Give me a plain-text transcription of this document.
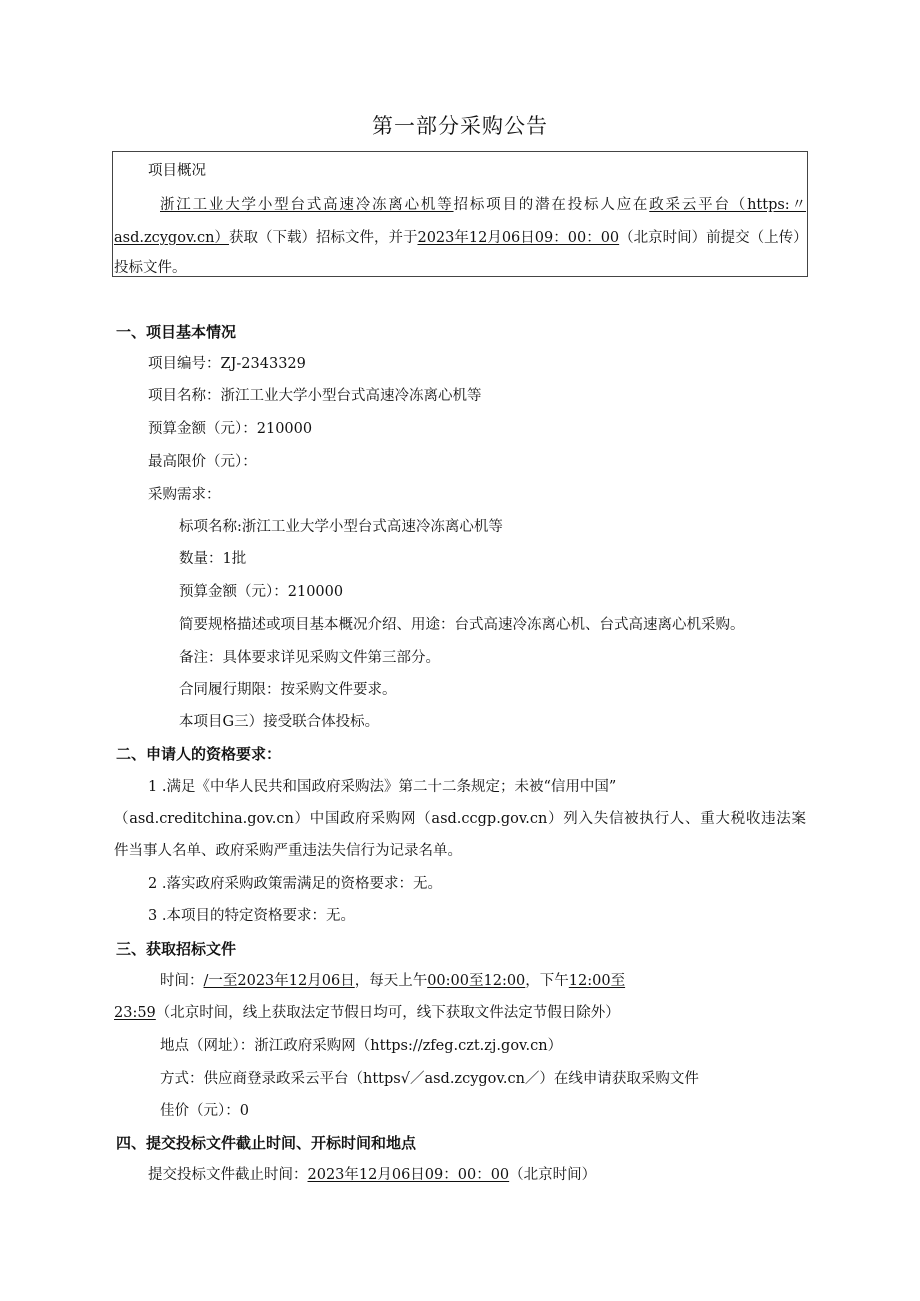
第一部分采购公告
项目概况
浙江工业大学小型台式高速冷冻离心机等招标项目的潜在投标人应在政采云平台（https:〃
asd.zcygov.cn）获取（下载）招标文件，并于2023年12月06日09：00：00（北京时间）前提交（上传）
投标文件。
一、项目基本情况
项目编号：ZJ-2343329
项目名称：浙江工业大学小型台式高速冷冻离心机等
预算金额（元）：210000
最高限价（元）：
采购需求：
标项名称:浙江工业大学小型台式高速冷冻离心机等
数量：1批
预算金额（元）：210000
简要规格描述或项目基本概况介绍、用途：台式高速冷冻离心机、台式高速离心机采购。
备注：具体要求详见采购文件第三部分。
合同履行期限：按采购文件要求。
本项目G三）接受联合体投标。
二、申请人的资格要求：
1 .满足《中华人民共和国政府采购法》第二十二条规定；未被“信用中国”
（asd.creditchina.gov.cn）中国政府采购网（asd.ccgp.gov.cn）列入失信被执行人、重大税收违法案
件当事人名单、政府采购严重违法失信行为记录名单。
2 .落实政府采购政策需满足的资格要求：无。
3 .本项目的特定资格要求：无。
三、获取招标文件
时间：/一至2023年12月06日，每天上午00:00至12:00，下午12:00至
23:59（北京时间，线上获取法定节假日均可，线下获取文件法定节假日除外）
地点（网址）：浙江政府采购网（https://zfeg.czt.zj.gov.cn）
方式：供应商登录政采云平台（https√／asd.zcygov.cn／）在线申请获取采购文件
佳价（元）：0
四、提交投标文件截止时间、开标时间和地点
提交投标文件截止时间：2023年12月06日09：00：00（北京时间）
